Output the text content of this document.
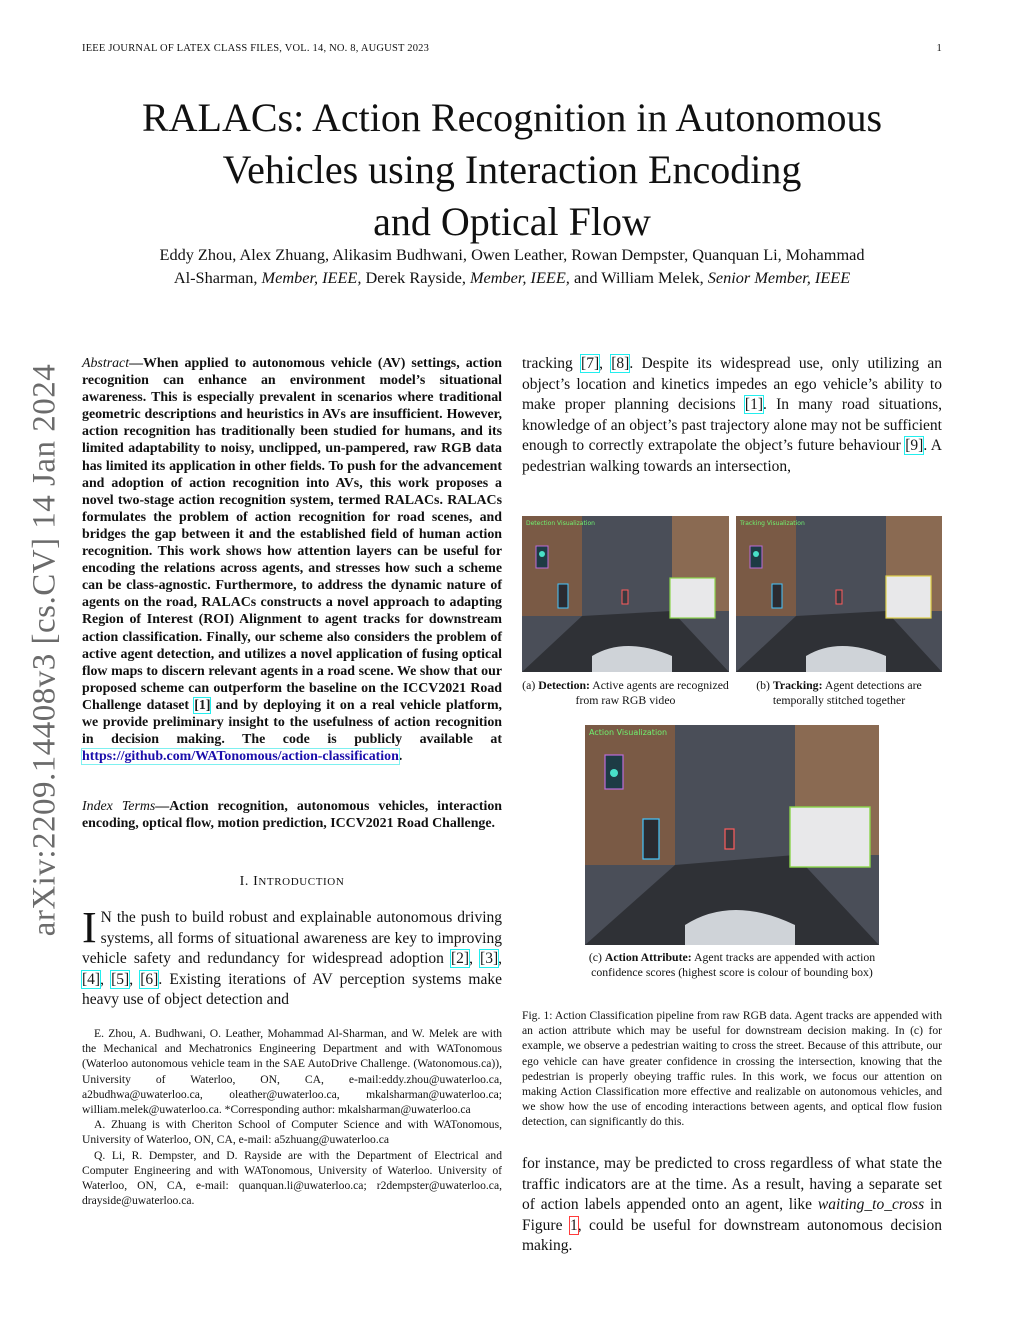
IEEE JOURNAL OF LATEX CLASS FILES, VOL. 14, NO. 8, AUGUST 2023	1
arXiv:2209.14408v3 [cs.CV] 14 Jan 2024
RALACs: Action Recognition in Autonomous
Vehicles using Interaction Encoding
and Optical Flow
Eddy Zhou, Alex Zhuang, Alikasim Budhwani, Owen Leather, Rowan Dempster, Quanquan Li, Mohammad
Al-Sharman, Member, IEEE, Derek Rayside, Member, IEEE, and William Melek, Senior Member, IEEE
Abstract—When applied to autonomous vehicle (AV) settings, action recognition can enhance an environment model’s situational awareness. This is especially prevalent in scenarios where traditional geometric descriptions and heuristics in AVs are insufficient. However, action recognition has traditionally been studied for humans, and its limited adaptability to noisy, unclipped, un-pampered, raw RGB data has limited its application in other fields. To push for the advancement and adoption of action recognition into AVs, this work proposes a novel two-stage action recognition system, termed RALACs. RALACs formulates the problem of action recognition for road scenes, and bridges the gap between it and the established field of human action recognition. This work shows how attention layers can be useful for encoding the relations across agents, and stresses how such a scheme can be class-agnostic. Furthermore, to address the dynamic nature of agents on the road, RALACs constructs a novel approach to adapting Region of Interest (ROI) Alignment to agent tracks for downstream action classification. Finally, our scheme also considers the problem of active agent detection, and utilizes a novel application of fusing optical flow maps to discern relevant agents in a road scene. We show that our proposed scheme can outperform the baseline on the ICCV2021 Road Challenge dataset [1] and by deploying it on a real vehicle platform, we provide preliminary insight to the usefulness of action recognition in decision making. The code is publicly available at https://github.com/WATonomous/action-classification.
Index Terms—Action recognition, autonomous vehicles, interaction encoding, optical flow, motion prediction, ICCV2021 Road Challenge.
I. INTRODUCTION
I N the push to build robust and explainable autonomous driving systems, all forms of situational awareness are key to improving vehicle safety and redundancy for widespread adoption [2], [3], [4], [5], [6]. Existing iterations of AV perception systems make heavy use of object detection and

E. Zhou, A. Budhwani, O. Leather, Mohammad Al-Sharman, and W. Melek are with the Mechanical and Mechatronics Engineering Department and with WATonomous (Waterloo autonomous vehicle team in the SAE AutoDrive Challenge. (Watonomous.ca)), University of Waterloo, ON, CA, e-mail:eddy.zhou@uwaterloo.ca, a2budhwa@uwaterloo.ca, oleather@uwaterloo.ca, mkalsharman@uwaterloo.ca; william.melek@uwaterloo.ca. *Corresponding author: mkalsharman@uwaterloo.ca

A. Zhuang is with Cheriton School of Computer Science and with WATonomous, University of Waterloo, ON, CA, e-mail: a5zhuang@uwaterloo.ca

Q. Li, R. Dempster, and D. Rayside are with the Department of Electrical and Computer Engineering and with WATonomous, University of Waterloo. University of Waterloo, ON, CA, e-mail: quanquan.li@uwaterloo.ca; r2dempster@uwaterloo.ca, drayside@uwaterloo.ca.

tracking [7], [8]. Despite its widespread use, only utilizing an object’s location and kinetics impedes an ego vehicle’s ability to make proper planning decisions [1]. In many road situations, knowledge of an object’s past trajectory alone may not be sufficient enough to correctly extrapolate the object’s future behaviour [9]. A pedestrian walking towards an intersection,
Detection Visualization	Tracking Visualization
Action Visualization
(a) Detection: Active agents are recognized from raw RGB video
(b) Tracking: Agent detections are temporally stitched together
(c) Action Attribute: Agent tracks are appended with action confidence scores (highest score is colour of bounding box)
Fig. 1: Action Classification pipeline from raw RGB data. Agent tracks are appended with an action attribute which may be useful for downstream decision making. In (c) for example, we observe a pedestrian waiting to cross the street. Because of this attribute, our ego vehicle can have greater confidence in crossing the intersection, knowing that the pedestrian is properly obeying traffic rules. In this work, we focus our attention on making Action Classification more effective and realizable on autonomous vehicles, and we show how the use of encoding interactions between agents, and optical flow fusion detection, can significantly do this.
for instance, may be predicted to cross regardless of what state the traffic indicators are at the time. As a result, having a separate set of action labels appended onto an agent, like waiting_to_cross in Figure 1, could be useful for downstream autonomous decision making.
